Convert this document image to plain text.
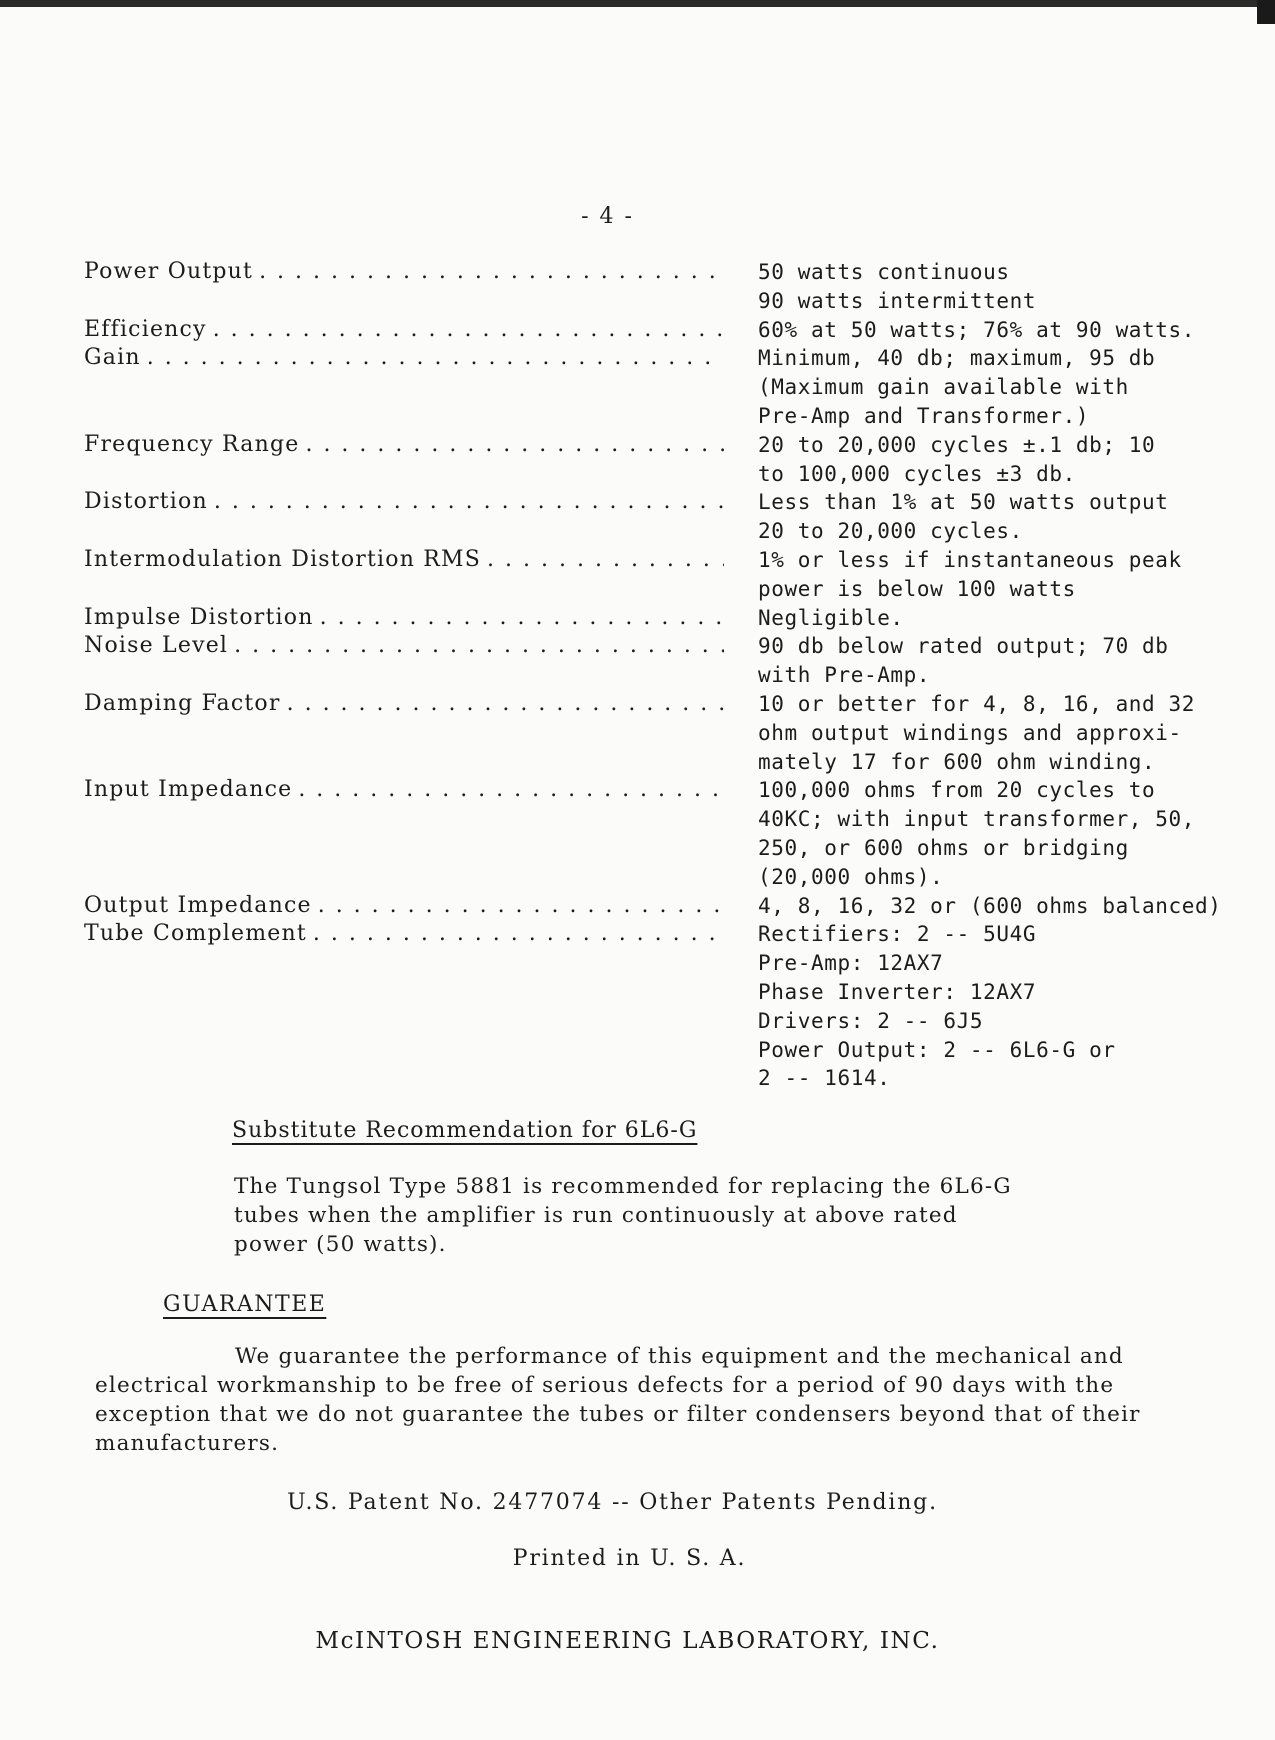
- 4 -
Power Output . . .	50 watts continuous
90 watts intermittent
Efficiency . . .	60% at 50 watts; 76% at 90 watts.
Gain . . .	Minimum, 40 db; maximum, 95 db
(Maximum gain available with
Pre-Amp and Transformer.)
Frequency Range . . .	20 to 20,000 cycles ±.1 db; 10
to 100,000 cycles ±3 db.
Distortion . . .	Less than 1% at 50 watts output
20 to 20,000 cycles.
Intermodulation Distortion RMS . . .	1% or less if instantaneous peak
power is below 100 watts
Impulse Distortion . . .	Negligible.
Noise Level . . .	90 db below rated output; 70 db
with Pre-Amp.
Damping Factor . . .	10 or better for 4, 8, 16, and 32
ohm output windings and approxi-
mately 17 for 600 ohm winding.
Input Impedance . . .	100,000 ohms from 20 cycles to
40KC; with input transformer, 50,
250, or 600 ohms or bridging
(20,000 ohms).
Output Impedance . . .	4, 8, 16, 32 or (600 ohms balanced)
Tube Complement . . .	Rectifiers: 2 -- 5U4G
Pre-Amp: 12AX7
Phase Inverter: 12AX7
Drivers: 2 -- 6J5
Power Output: 2 -- 6L6-G or
2 -- 1614.
Substitute Recommendation for 6L6-G
The Tungsol Type 5881 is recommended for replacing the 6L6-G
tubes when the amplifier is run continuously at above rated
power (50 watts).
GUARANTEE
We guarantee the performance of this equipment and the mechanical and
electrical workmanship to be free of serious defects for a period of 90 days with the
exception that we do not guarantee the tubes or filter condensers beyond that of their
manufacturers.
U.S. Patent No. 2477074 -- Other Patents Pending.
Printed in U. S. A.
McINTOSH ENGINEERING LABORATORY, INC.
